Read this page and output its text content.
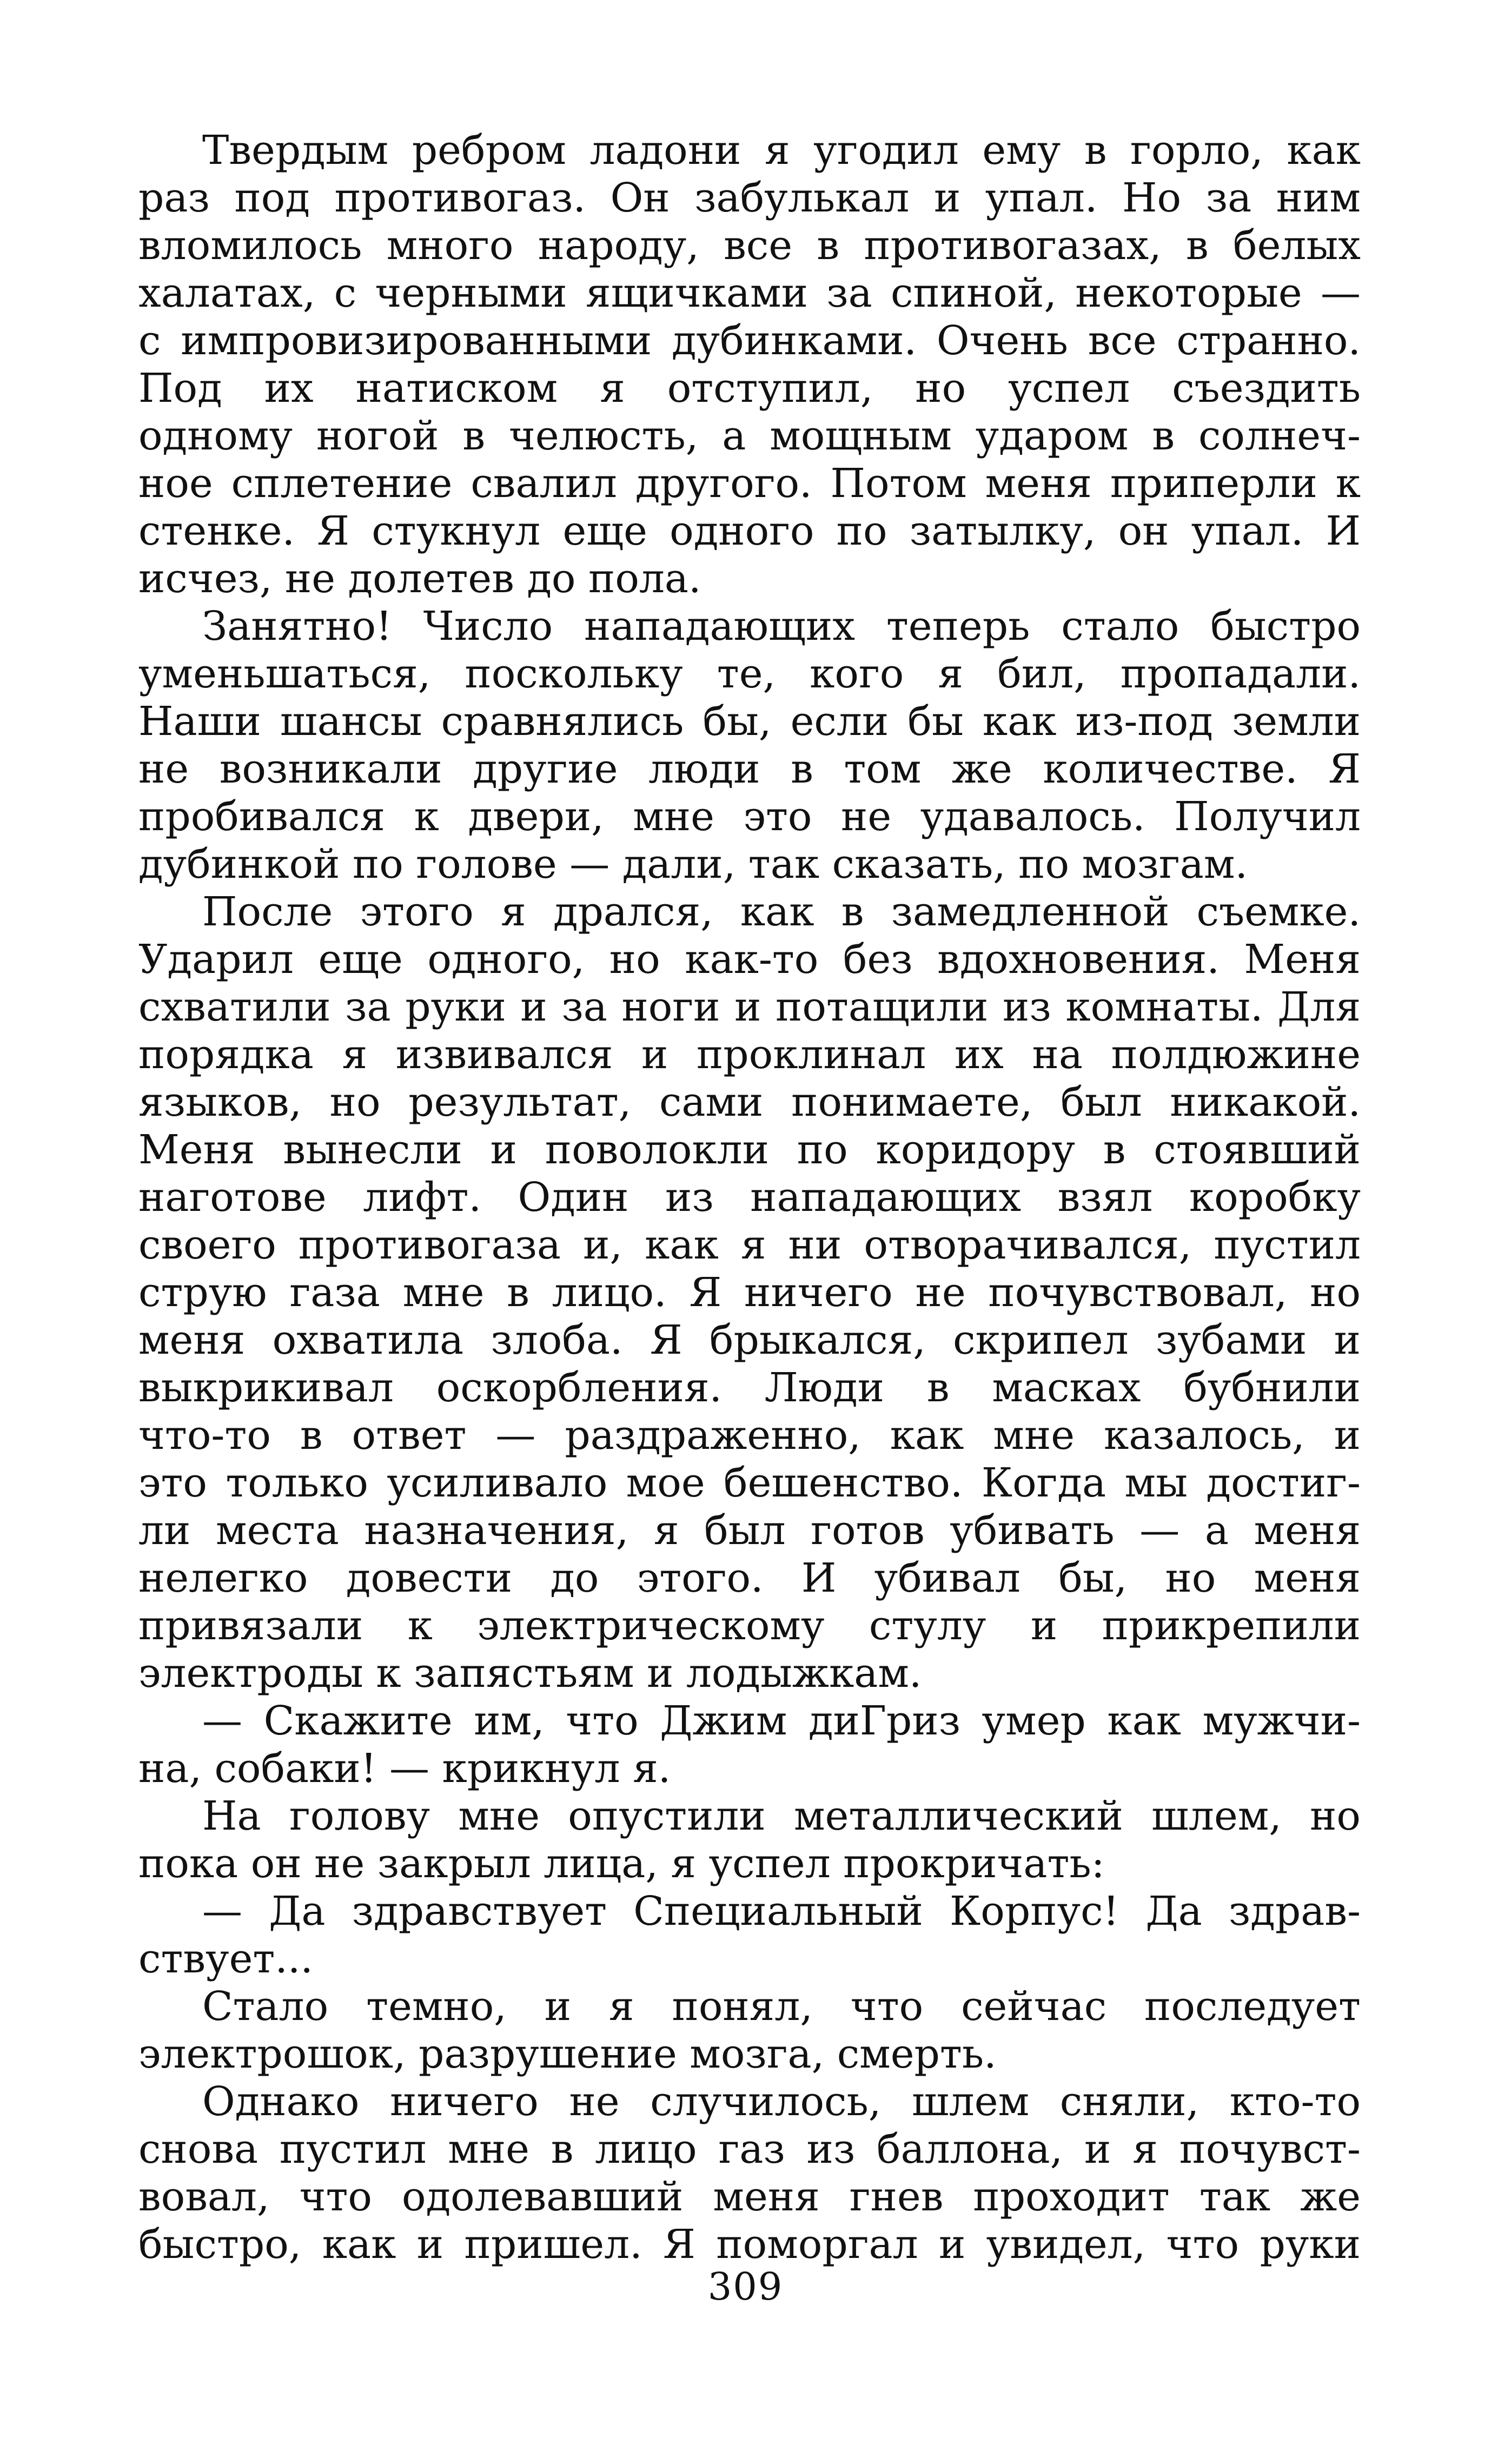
Твердым ребром ладони я угодил ему в горло, как
раз под противогаз. Он забулькал и упал. Но за ним
вломилось много народу, все в противогазах, в белых
халатах, с черными ящичками за спиной, некоторые —
с импровизированными дубинками. Очень все странно.
Под их натиском я отступил, но успел съездить
одному ногой в челюсть, а мощным ударом в солнеч-
ное сплетение свалил другого. Потом меня приперли к
стенке. Я стукнул еще одного по затылку, он упал. И
исчез, не долетев до пола.
Занятно! Число нападающих теперь стало быстро
уменьшаться, поскольку те, кого я бил, пропадали.
Наши шансы сравнялись бы, если бы как из-под земли
не возникали другие люди в том же количестве. Я
пробивался к двери, мне это не удавалось. Получил
дубинкой по голове — дали, так сказать, по мозгам.
После этого я дрался, как в замедленной съемке.
Ударил еще одного, но как-то без вдохновения. Меня
схватили за руки и за ноги и потащили из комнаты. Для
порядка я извивался и проклинал их на полдюжине
языков, но результат, сами понимаете, был никакой.
Меня вынесли и поволокли по коридору в стоявший
наготове лифт. Один из нападающих взял коробку
своего противогаза и, как я ни отворачивался, пустил
струю газа мне в лицо. Я ничего не почувствовал, но
меня охватила злоба. Я брыкался, скрипел зубами и
выкрикивал оскорбления. Люди в масках бубнили
что-то в ответ — раздраженно, как мне казалось, и
это только усиливало мое бешенство. Когда мы достиг-
ли места назначения, я был готов убивать — а меня
нелегко довести до этого. И убивал бы, но меня
привязали к электрическому стулу и прикрепили
электроды к запястьям и лодыжкам.
— Скажите им, что Джим диГриз умер как мужчи-
на, собаки! — крикнул я.
На голову мне опустили металлический шлем, но
пока он не закрыл лица, я успел прокричать:
— Да здравствует Специальный Корпус! Да здрав-
ствует...
Стало темно, и я понял, что сейчас последует
электрошок, разрушение мозга, смерть.
Однако ничего не случилось, шлем сняли, кто-то
снова пустил мне в лицо газ из баллона, и я почувст-
вовал, что одолевавший меня гнев проходит так же
быстро, как и пришел. Я поморгал и увидел, что руки
309
